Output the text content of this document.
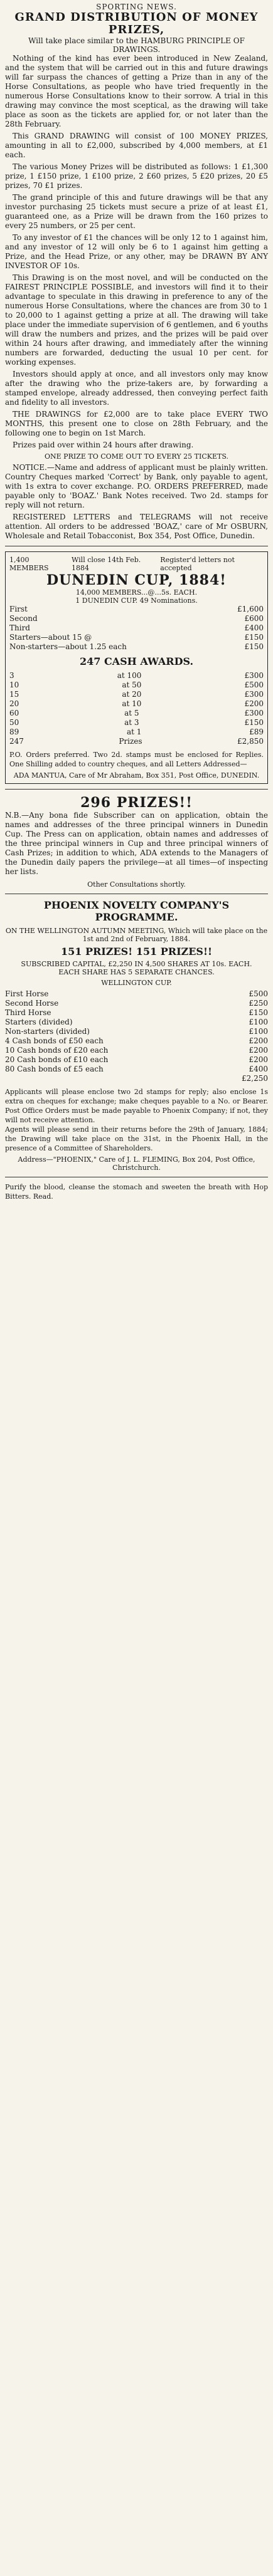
SPORTING NEWS.
GRAND DISTRIBUTION OF MONEY PRIZES,
Will take place similar to the HAMBURG PRINCIPLE OF DRAWINGS.

Nothing of the kind has ever been introduced in New Zealand, and the system that will be carried out in this and future drawings will far surpass the chances of getting a Prize than in any of the Horse Consultations, as people who have tried frequently in the numerous Horse Consultations know to their sorrow. A trial in this drawing may convince the most sceptical, as the drawing will take place as soon as the tickets are applied for, or not later than the 28th February.

This GRAND DRAWING will consist of 100 MONEY PRIZES, amounting in all to £2,000, subscribed by 4,000 members, at £1 each.

The various Money Prizes will be distributed as follows: 1 £1,300 prize, 1 £150 prize, 1 £100 prize, 2 £60 prizes, 5 £20 prizes, 20 £5 prizes, 70 £1 prizes.

The grand principle of this and future drawings will be that any investor purchasing 25 tickets must secure a prize of at least £1, guaranteed one, as a Prize will be drawn from the 160 prizes to every 25 numbers, or 25 per cent.

To any investor of £1 the chances will be only 12 to 1 against him, and any investor of 12 will only be 6 to 1 against him getting a Prize, and the Head Prize, or any other, may be DRAWN BY ANY INVESTOR OF 10s.

This Drawing is on the most novel, and will be conducted on the FAIREST PRINCIPLE POSSIBLE, and investors will find it to their advantage to speculate in this drawing in preference to any of the numerous Horse Consultations, where the chances are from 30 to 1 to 20,000 to 1 against getting a prize at all. The drawing will take place under the immediate supervision of 6 gentlemen, and 6 youths will draw the numbers and prizes, and the prizes will be paid over within 24 hours after drawing, and immediately after the winning numbers are forwarded, deducting the usual 10 per cent. for working expenses.

Investors should apply at once, and all investors only may know after the drawing who the prize-takers are, by forwarding a stamped envelope, already addressed, then conveying perfect faith and fidelity to all investors.

THE DRAWINGS for £2,000 are to take place EVERY TWO MONTHS, this present one to close on 28th February, and the following one to begin on 1st March.

Prizes paid over within 24 hours after drawing.

ONE PRIZE TO COME OUT TO EVERY 25 TICKETS.

NOTICE.—Name and address of applicant must be plainly written. Country Cheques marked 'Correct' by Bank, only payable to agent, with 1s extra to cover exchange. P.O. ORDERS PREFERRED, made payable only to 'BOAZ.' Bank Notes received. Two 2d. stamps for reply will not return.

REGISTERED LETTERS and TELEGRAMS will not receive attention. All orders to be addressed 'BOAZ,' care of Mr OSBURN, Wholesale and Retail Tobacconist, Box 354, Post Office, Dunedin.

1,400 MEMBERS
Will close 14th Feb. 1884
Register'd letters not accepted
DUNEDIN CUP, 1884!
14,000 MEMBERS...@...5s. EACH.
1 DUNEDIN CUP. 49 Nominations.
First	£1,600
Second	£600
Third	£400
Starters—about 15 @	£150
Non-starters—about 1.25 each	£150
247 CASH AWARDS.
3	at 100	£300
10	at 50	£500
15	at 20	£300
20	at 10	£200
60	at 5	£300
50	at 3	£150
89	at 1	£89
247	Prizes	£2,850
P.O. Orders preferred. Two 2d. stamps must be enclosed for Replies. One Shilling added to country cheques, and all Letters Addressed—
ADA MANTUA, Care of Mr Abraham, Box 351, Post Office, DUNEDIN.
296 PRIZES!!
N.B.—Any bona fide Subscriber can on application, obtain the names and addresses of the three principal winners in Dunedin Cup. The Press can on application, obtain names and addresses of the three principal winners in Cup and three principal winners of Cash Prizes; in addition to which, ADA extends to the Managers of the Dunedin daily papers the privilege—at all times—of inspecting her lists.
Other Consultations shortly.
PHOENIX NOVELTY COMPANY'S PROGRAMME.
ON THE WELLINGTON AUTUMN MEETING, Which will take place on the 1st and 2nd of February, 1884.
151 PRIZES! 151 PRIZES!!
SUBSCRIBED CAPITAL, £2,250 IN 4,500 SHARES AT 10s. EACH.
EACH SHARE HAS 5 SEPARATE CHANCES.
WELLINGTON CUP.
First Horse	£500
Second Horse	£250
Third Horse	£150
Starters (divided)	£100
Non-starters (divided)	£100
4 Cash bonds of £50 each	£200
10 Cash bonds of £20 each	£200
20 Cash bonds of £10 each	£200
80 Cash bonds of £5 each	£400
£2,250
Applicants will please enclose two 2d stamps for reply; also enclose 1s extra on cheques for exchange; make cheques payable to a No. or Bearer. Post Office Orders must be made payable to Phoenix Company; if not, they will not receive attention.
Agents will please send in their returns before the 29th of January, 1884; the Drawing will take place on the 31st, in the Phoenix Hall, in the presence of a Committee of Shareholders.
Address—"PHOENIX," Care of J. L. FLEMING, Box 204, Post Office, Christchurch.
Purify the blood, cleanse the stomach and sweeten the breath with Hop Bitters. Read.
